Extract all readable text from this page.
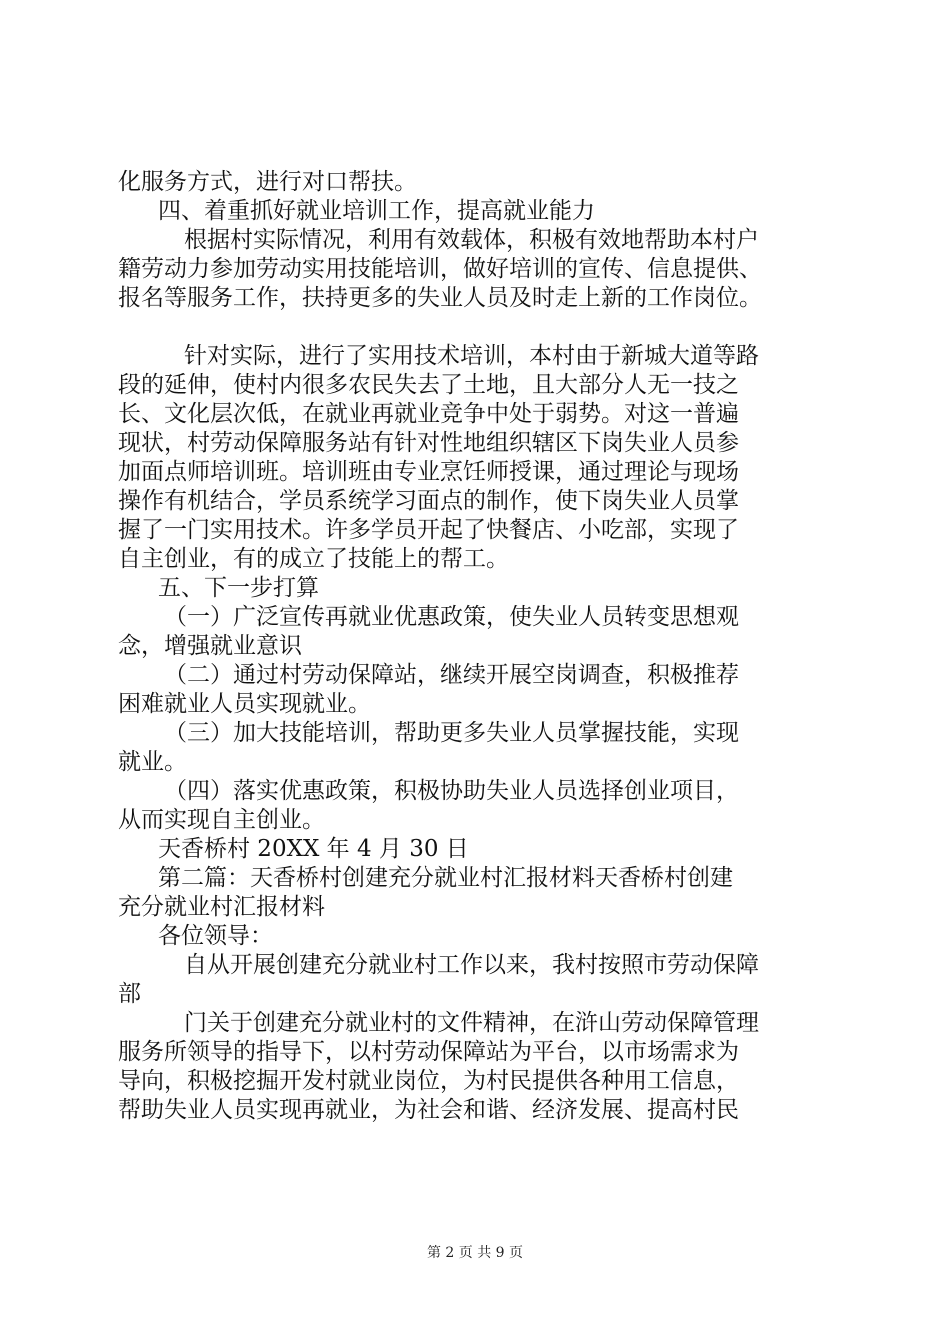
化服务方式，进行对口帮扶。
四、着重抓好就业培训工作，提高就业能力
根据村实际情况，利用有效载体，积极有效地帮助本村户
籍劳动力参加劳动实用技能培训，做好培训的宣传、信息提供、
报名等服务工作，扶持更多的失业人员及时走上新的工作岗位。
针对实际，进行了实用技术培训，本村由于新城大道等路
段的延伸，使村内很多农民失去了土地，且大部分人无一技之
长、文化层次低，在就业再就业竞争中处于弱势。对这一普遍
现状，村劳动保障服务站有针对性地组织辖区下岗失业人员参
加面点师培训班。培训班由专业烹饪师授课，通过理论与现场
操作有机结合，学员系统学习面点的制作，使下岗失业人员掌
握了一门实用技术。许多学员开起了快餐店、小吃部，实现了
自主创业，有的成立了技能上的帮工。
五、下一步打算
（一）广泛宣传再就业优惠政策，使失业人员转变思想观
念，增强就业意识
（二）通过村劳动保障站，继续开展空岗调查，积极推荐
困难就业人员实现就业。
（三）加大技能培训，帮助更多失业人员掌握技能，实现
就业。
（四）落实优惠政策，积极协助失业人员选择创业项目，
从而实现自主创业。
天香桥村 20XX 年 4 月 30 日
第二篇：天香桥村创建充分就业村汇报材料天香桥村创建
充分就业村汇报材料
各位领导：
自从开展创建充分就业村工作以来，我村按照市劳动保障
部
门关于创建充分就业村的文件精神，在浒山劳动保障管理
服务所领导的指导下，以村劳动保障站为平台，以市场需求为
导向，积极挖掘开发村就业岗位，为村民提供各种用工信息，
帮助失业人员实现再就业，为社会和谐、经济发展、提高村民
第 2 页 共 9 页
